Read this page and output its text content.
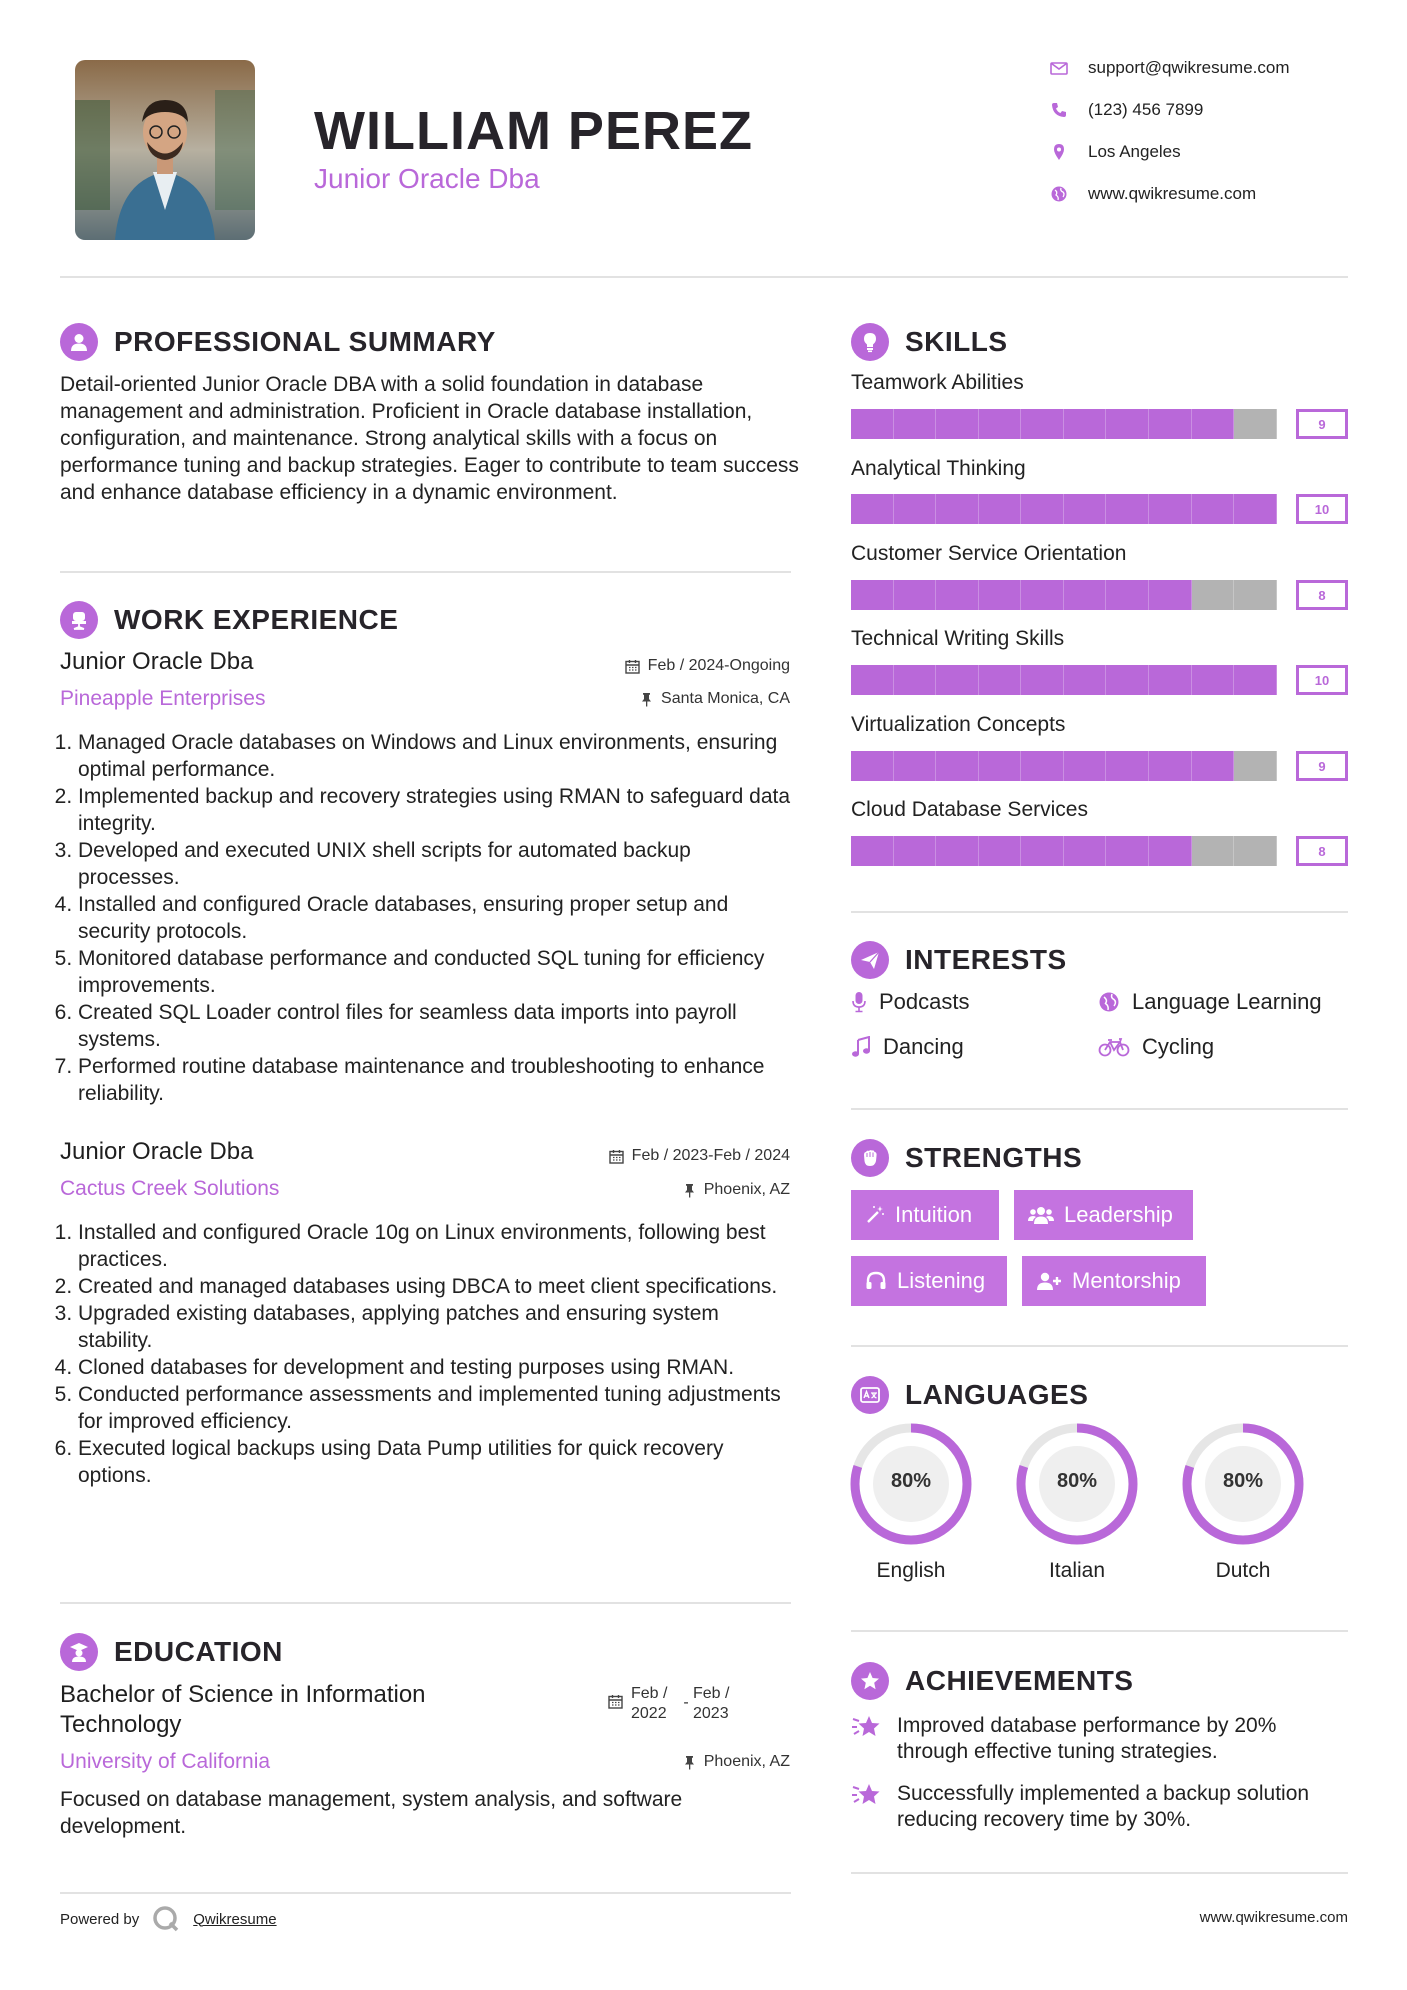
WILLIAM PEREZ
Junior Oracle Dba
support@qwikresume.com
(123) 456 7899
Los Angeles
www.qwikresume.com
PROFESSIONAL SUMMARY
Detail-oriented Junior Oracle DBA with a solid foundation in database management and administration. Proficient in Oracle database installation, configuration, and maintenance. Strong analytical skills with a focus on performance tuning and backup strategies. Eager to contribute to team success and enhance database efficiency in a dynamic environment.
WORK EXPERIENCE
Junior Oracle Dba
Pineapple Enterprises
Feb / 2024-Ongoing
Santa Monica, CA
1. Managed Oracle databases on Windows and Linux environments, ensuring optimal performance.
2. Implemented backup and recovery strategies using RMAN to safeguard data integrity.
3. Developed and executed UNIX shell scripts for automated backup processes.
4. Installed and configured Oracle databases, ensuring proper setup and security protocols.
5. Monitored database performance and conducted SQL tuning for efficiency improvements.
6. Created SQL Loader control files for seamless data imports into payroll systems.
7. Performed routine database maintenance and troubleshooting to enhance reliability.
Junior Oracle Dba
Cactus Creek Solutions
Feb / 2023-Feb / 2024
Phoenix, AZ
1. Installed and configured Oracle 10g on Linux environments, following best practices.
2. Created and managed databases using DBCA to meet client specifications.
3. Upgraded existing databases, applying patches and ensuring system stability.
4. Cloned databases for development and testing purposes using RMAN.
5. Conducted performance assessments and implemented tuning adjustments for improved efficiency.
6. Executed logical backups using Data Pump utilities for quick recovery options.
EDUCATION
Bachelor of Science in Information Technology
Feb / 2022
-
Feb / 2023
University of California	Phoenix, AZ
Focused on database management, system analysis, and software development.
SKILLS
Teamwork Abilities
9
Analytical Thinking
10
Customer Service Orientation
8
Technical Writing Skills
10
Virtualization Concepts
9
Cloud Database Services
8
INTERESTS
Podcasts	Language Learning
Dancing	Cycling
STRENGTHS
Intuition	Leadership
Listening	Mentorship
LANGUAGES
80%
English
80%
Italian
80%
Dutch
ACHIEVEMENTS
Improved database performance by 20% through effective tuning strategies.
Successfully implemented a backup solution reducing recovery time by 30%.
Powered by	Qwikresume	www.qwikresume.com
